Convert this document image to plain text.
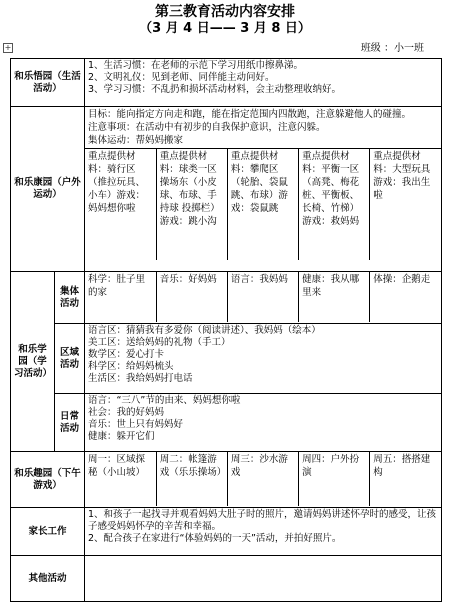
第三教育活动内容安排
（3 月 4 日—— 3 月 8 日）
+	班级 ：小一班
和乐悟园（生活活动）	
1、生活习惯：在老师的示范下学习用纸巾擦鼻涕。
2、文明礼仪：见到老师、同伴能主动问好。
3、学习习惯：不乱扔和损坏活动材料，会主动整理收纳好。

和乐康园（户外运动）	
目标：能向指定方向走和跑，能在指定范围内四散跑，注意躲避他人的碰撞。
注意事项：在活动中有初步的自我保护意识，注意闪躲。
集体运动：帮妈妈搬家
重点提供材料：骑行区（推拉玩具、小车）游戏：妈妈想你啦	重点提供材料：球类一区 操场东（小皮球、布球、手持球 投掷栏）游戏：跳小沟	重点提供材料：攀爬区（轮胎、袋鼠跳、布球）游戏：袋鼠跳	重点提供材料：平衡一区（高凳、梅花桩、平衡板、长椅、竹梯）游戏：救妈妈	重点提供材料：大型玩具游戏：我出生啦

和乐学园（学习活动）	集体活动	
科学：肚子里的家	音乐：好妈妈	语言：我妈妈	健康：我从哪里来	体操：企鹅走

区域活动	
语言区：猜猜我有多爱你（阅读讲述）、我妈妈（绘本）
美工区：送给妈妈的礼物（手工）
数学区：爱心打卡
科学区：给妈妈梳头
生活区：我给妈妈打电话

日常活动	
语言：“三八”节的由来、妈妈想你啦
社会：我的好妈妈
音乐：世上只有妈妈好
健康：躲开它们

和乐趣园（下午游戏）	
周一：区域探秘（小山坡）	周二：帐篷游戏（乐乐操场）	周三：沙水游戏	周四：户外扮演	周五：搭搭建构

家长工作	
1、和孩子一起找寻并观看妈妈大肚子时的照片，邀请妈妈讲述怀孕时的感受，让孩子感受妈妈怀孕的辛苦和幸福。
2、配合孩子在家进行“体验妈妈的一天”活动，并拍好照片。

其他活动	
